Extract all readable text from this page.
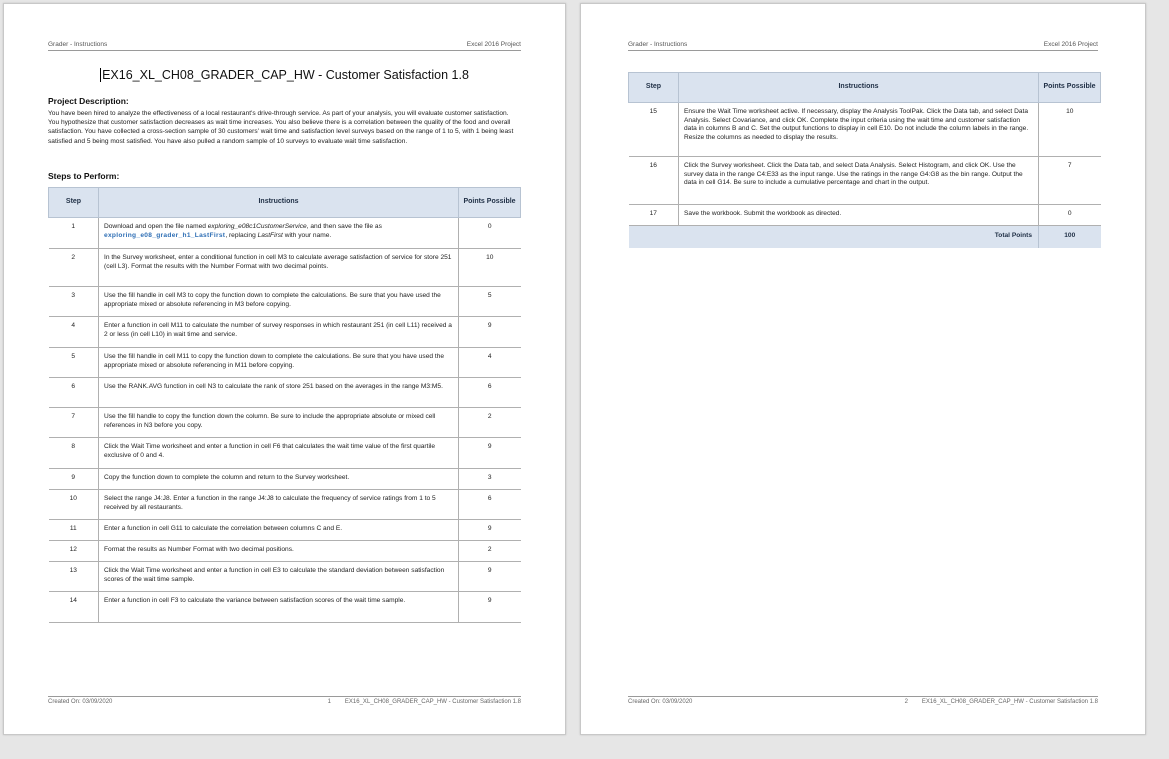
Grader - Instructions	Excel 2016 Project
EX16_XL_CH08_GRADER_CAP_HW - Customer Satisfaction 1.8
Project Description:
You have been hired to analyze the effectiveness of a local restaurant's drive-through service. As part of your analysis, you will evaluate customer satisfaction. You hypothesize that customer satisfaction decreases as wait time increases. You also believe there is a correlation between the quality of the food and overall satisfaction. You have collected a cross-section sample of 30 customers' wait time and satisfaction level surveys based on the range of 1 to 5, with 1 being least satisfied and 5 being most satisfied. You have also pulled a random sample of 10 surveys to evaluate wait time satisfaction.
Steps to Perform:
Step	Instructions	Points Possible
1	Download and open the file named exploring_e08c1CustomerService, and then save the file as exploring_e08_grader_h1_LastFirst, replacing LastFirst with your name.	0
2	In the Survey worksheet, enter a conditional function in cell M3 to calculate average satisfaction of service for store 251 (cell L3). Format the results with the Number Format with two decimal points.	10
3	Use the fill handle in cell M3 to copy the function down to complete the calculations. Be sure that you have used the appropriate mixed or absolute referencing in M3 before copying.	5
4	Enter a function in cell M11 to calculate the number of survey responses in which restaurant 251 (in cell L11) received a 2 or less (in cell L10) in wait time and service.	9
5	Use the fill handle in cell M11 to copy the function down to complete the calculations. Be sure that you have used the appropriate mixed or absolute referencing in M11 before copying.	4
6	Use the RANK.AVG function in cell N3 to calculate the rank of store 251 based on the averages in the range M3:M5.	6
7	Use the fill handle to copy the function down the column. Be sure to include the appropriate absolute or mixed cell references in N3 before you copy.	2
8	Click the Wait Time worksheet and enter a function in cell F6 that calculates the wait time value of the first quartile exclusive of 0 and 4.	9
9	Copy the function down to complete the column and return to the Survey worksheet.	3
10	Select the range J4:J8. Enter a function in the range J4:J8 to calculate the frequency of service ratings from 1 to 5 received by all restaurants.	6
11	Enter a function in cell G11 to calculate the correlation between columns C and E.	9
12	Format the results as Number Format with two decimal positions.	2
13	Click the Wait Time worksheet and enter a function in cell E3 to calculate the standard deviation between satisfaction scores of the wait time sample.	9
14	Enter a function in cell F3 to calculate the variance between satisfaction scores of the wait time sample.	9
Created On: 03/09/2020	1 EX16_XL_CH08_GRADER_CAP_HW - Customer Satisfaction 1.8
Grader - Instructions	Excel 2016 Project
Step	Instructions	Points Possible
15	Ensure the Wait Time worksheet active. If necessary, display the Analysis ToolPak. Click the Data tab, and select Data Analysis. Select Covariance, and click OK. Complete the input criteria using the wait time and customer satisfaction data in columns B and C. Set the output functions to display in cell E10. Do not include the column labels in the range. Resize the columns as needed to display the results.	10
16	Click the Survey worksheet. Click the Data tab, and select Data Analysis. Select Histogram, and click OK. Use the survey data in the range C4:E33 as the input range. Use the ratings in the range G4:G8 as the bin range. Output the data in cell G14. Be sure to include a cumulative percentage and chart in the output.	7
17	Save the workbook. Submit the workbook as directed.	0
Total Points		100
Created On: 03/09/2020	2 EX16_XL_CH08_GRADER_CAP_HW - Customer Satisfaction 1.8
